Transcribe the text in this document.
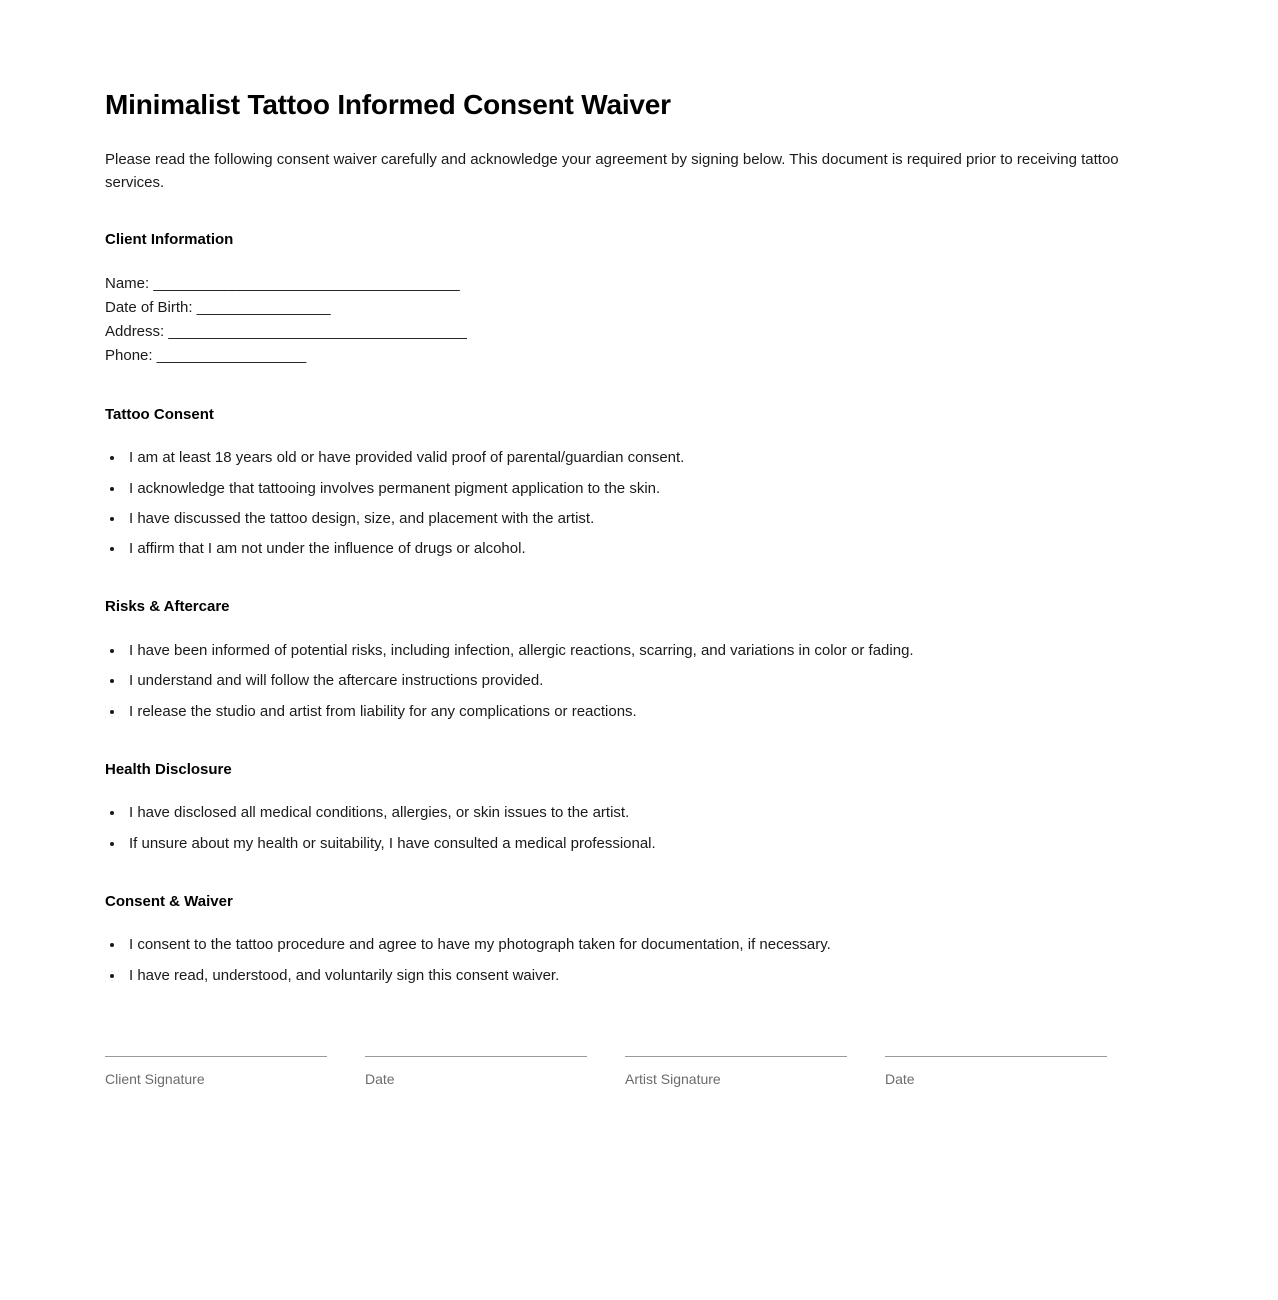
Minimalist Tattoo Informed Consent Waiver

Please read the following consent waiver carefully and acknowledge your agreement by signing below. This document is required prior to receiving tattoo services.

Client Information
Name: _______________________________________
Date of Birth: _________________
Address: ______________________________________
Phone: ___________________
Tattoo Consent
• I am at least 18 years old or have provided valid proof of parental/guardian consent.
• I acknowledge that tattooing involves permanent pigment application to the skin.
• I have discussed the tattoo design, size, and placement with the artist.
• I affirm that I am not under the influence of drugs or alcohol.
Risks & Aftercare
• I have been informed of potential risks, including infection, allergic reactions, scarring, and variations in color or fading.
• I understand and will follow the aftercare instructions provided.
• I release the studio and artist from liability for any complications or reactions.
Health Disclosure
• I have disclosed all medical conditions, allergies, or skin issues to the artist.
• If unsure about my health or suitability, I have consulted a medical professional.
Consent & Waiver
• I consent to the tattoo procedure and agree to have my photograph taken for documentation, if necessary.
• I have read, understood, and voluntarily sign this consent waiver.
Client Signature	Date	Artist Signature	Date
